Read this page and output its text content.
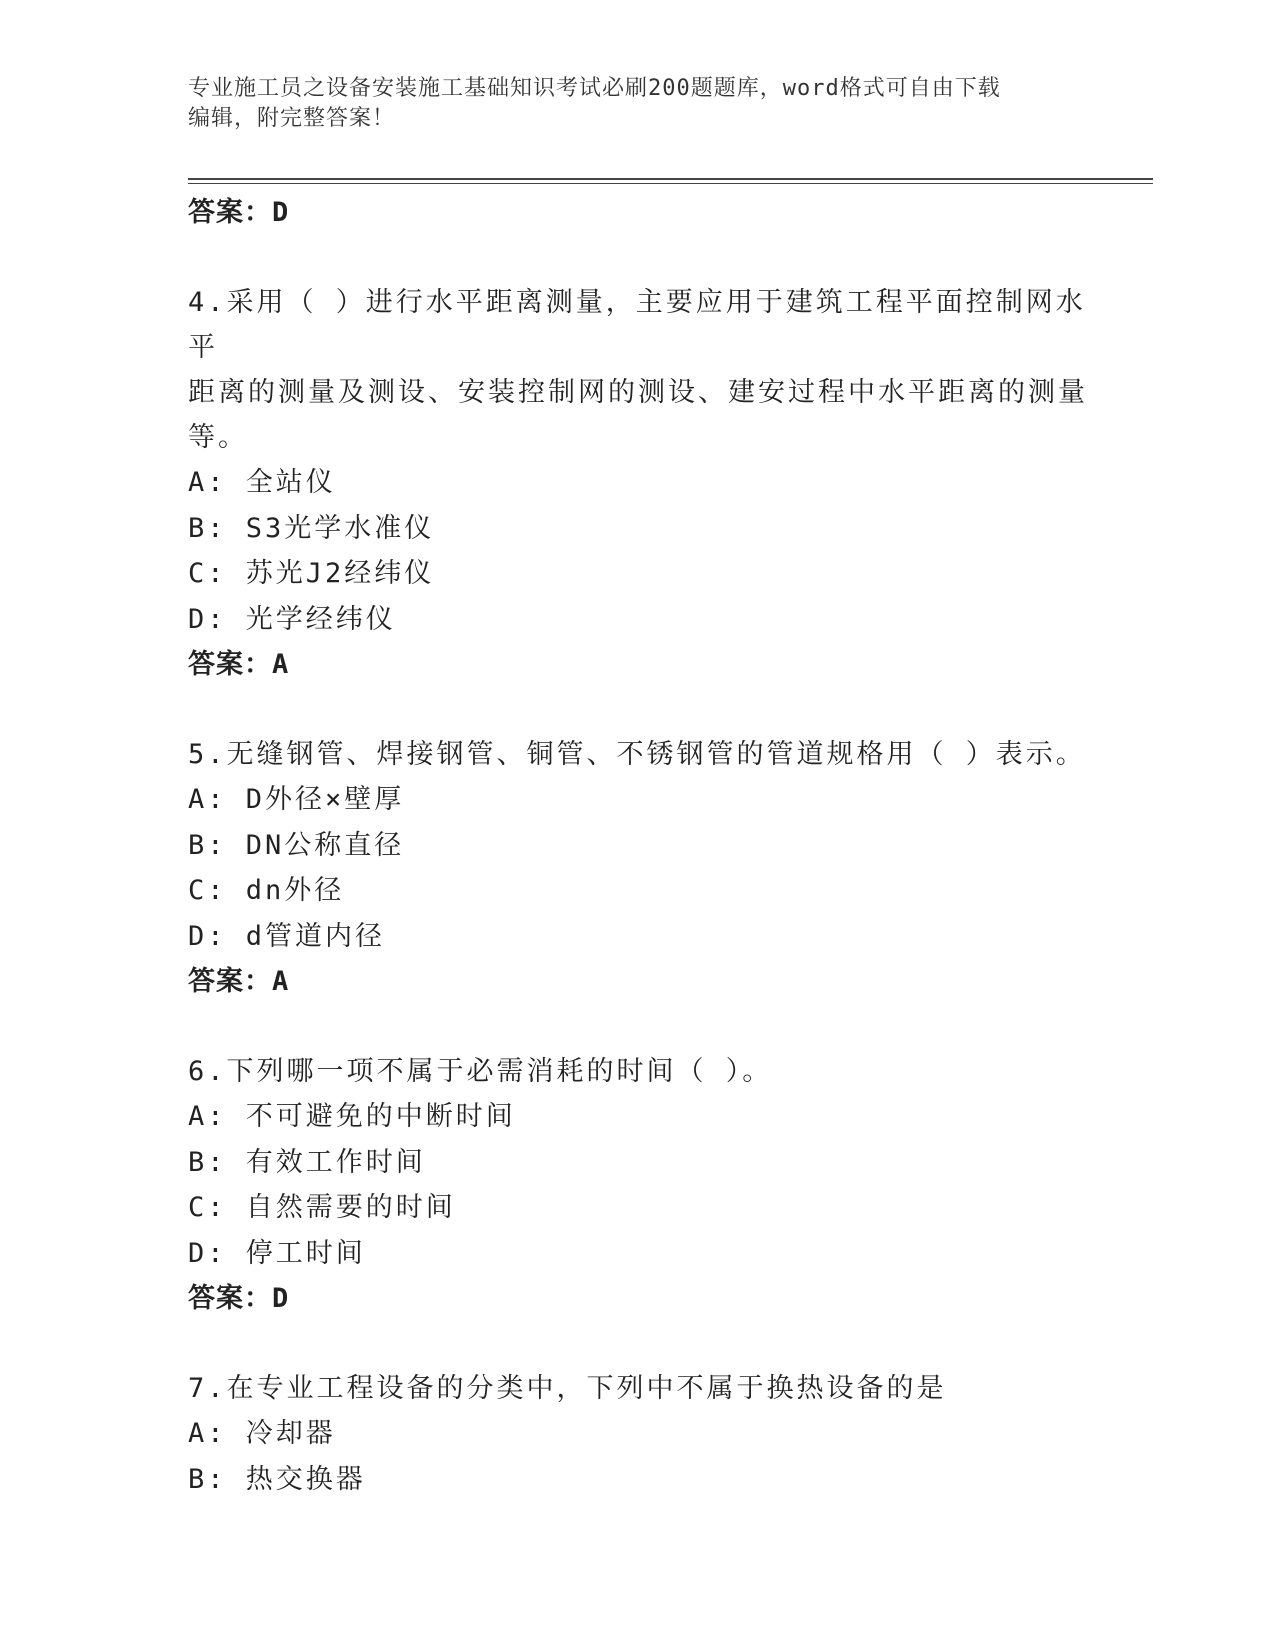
专业施工员之设备安装施工基础知识考试必刷200题题库，word格式可自由下载
编辑，附完整答案！
答案：D
4.采用（ ）进行水平距离测量，主要应用于建筑工程平面控制网水平
距离的测量及测设、安装控制网的测设、建安过程中水平距离的测量
等。
A: 全站仪
B: S3光学水准仪
C: 苏光J2经纬仪
D: 光学经纬仪
答案：A
5.无缝钢管、焊接钢管、铜管、不锈钢管的管道规格用（ ）表示。
A: D外径×壁厚
B: DN公称直径
C: dn外径
D: d管道内径
答案：A
6.下列哪一项不属于必需消耗的时间（ ）。
A: 不可避免的中断时间
B: 有效工作时间
C: 自然需要的时间
D: 停工时间
答案：D
7.在专业工程设备的分类中，下列中不属于换热设备的是
A: 冷却器
B: 热交换器
